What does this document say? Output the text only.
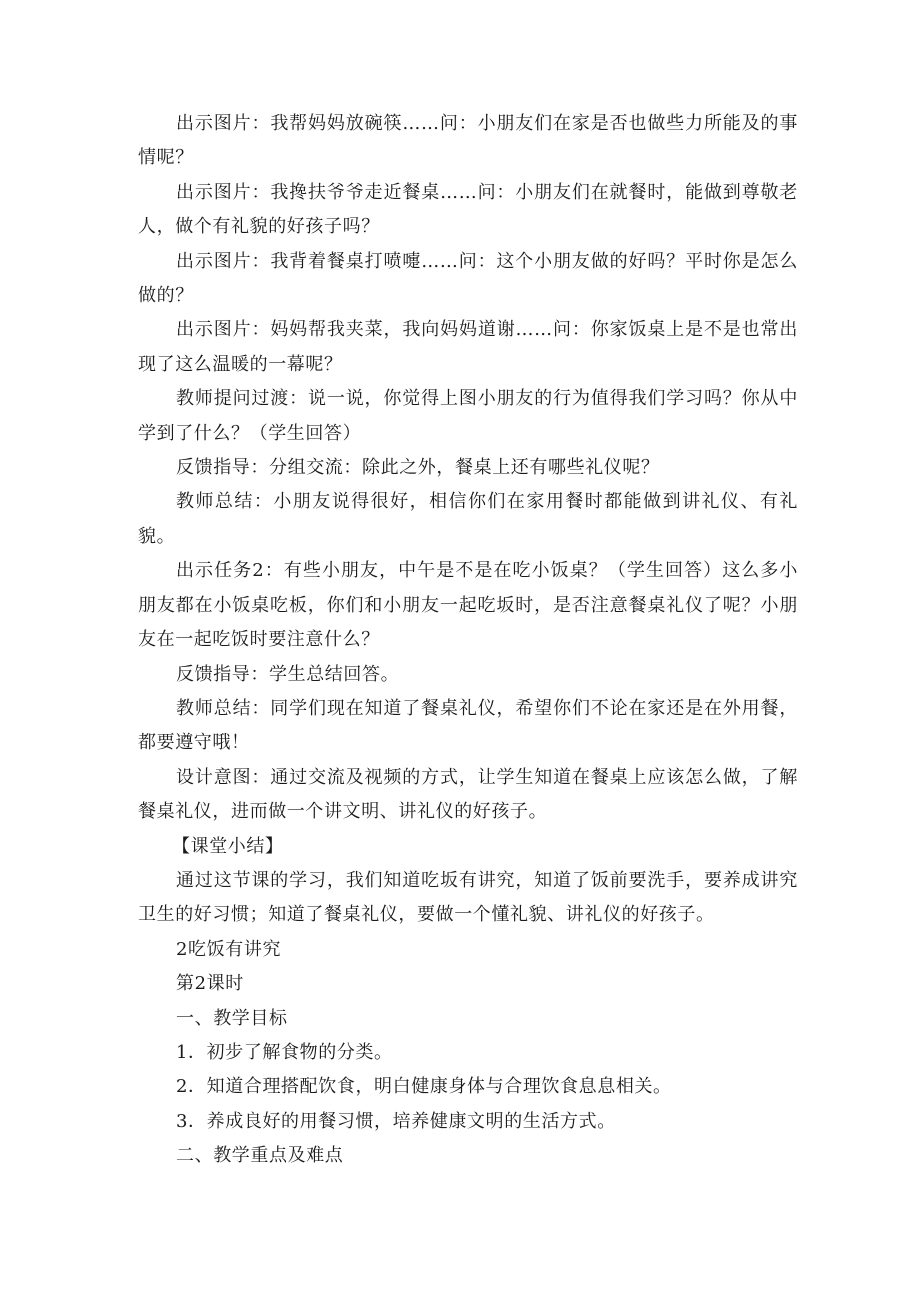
出示图片：我帮妈妈放碗筷……问：小朋友们在家是否也做些力所能及的事情呢？

出示图片：我搀扶爷爷走近餐桌……问：小朋友们在就餐时，能做到尊敬老人，做个有礼貌的好孩子吗？

出示图片：我背着餐桌打喷嚏……问：这个小朋友做的好吗？平时你是怎么做的？

出示图片：妈妈帮我夹菜，我向妈妈道谢……问：你家饭桌上是不是也常出现了这么温暖的一幕呢？

教师提问过渡：说一说，你觉得上图小朋友的行为值得我们学习吗？你从中学到了什么？（学生回答）

反馈指导：分组交流：除此之外，餐桌上还有哪些礼仪呢？

教师总结：小朋友说得很好，相信你们在家用餐时都能做到讲礼仪、有礼貌。

出示任务2：有些小朋友，中午是不是在吃小饭桌？（学生回答）这么多小朋友都在小饭桌吃板，你们和小朋友一起吃坂时，是否注意餐桌礼仪了呢？小朋友在一起吃饭时要注意什么？

反馈指导：学生总结回答。

教师总结：同学们现在知道了餐桌礼仪，希望你们不论在家还是在外用餐，都要遵守哦！

设计意图：通过交流及视频的方式，让学生知道在餐桌上应该怎么做，了解餐桌礼仪，进而做一个讲文明、讲礼仪的好孩子。

【课堂小结】

通过这节课的学习，我们知道吃坂有讲究，知道了饭前要洗手，要养成讲究卫生的好习惯；知道了餐桌礼仪，要做一个懂礼貌、讲礼仪的好孩子。

2吃饭有讲究

第2课时

一、教学目标

1．初步了解食物的分类。

2．知道合理搭配饮食，明白健康身体与合理饮食息息相关。

3．养成良好的用餐习惯，培养健康文明的生活方式。

二、教学重点及难点
